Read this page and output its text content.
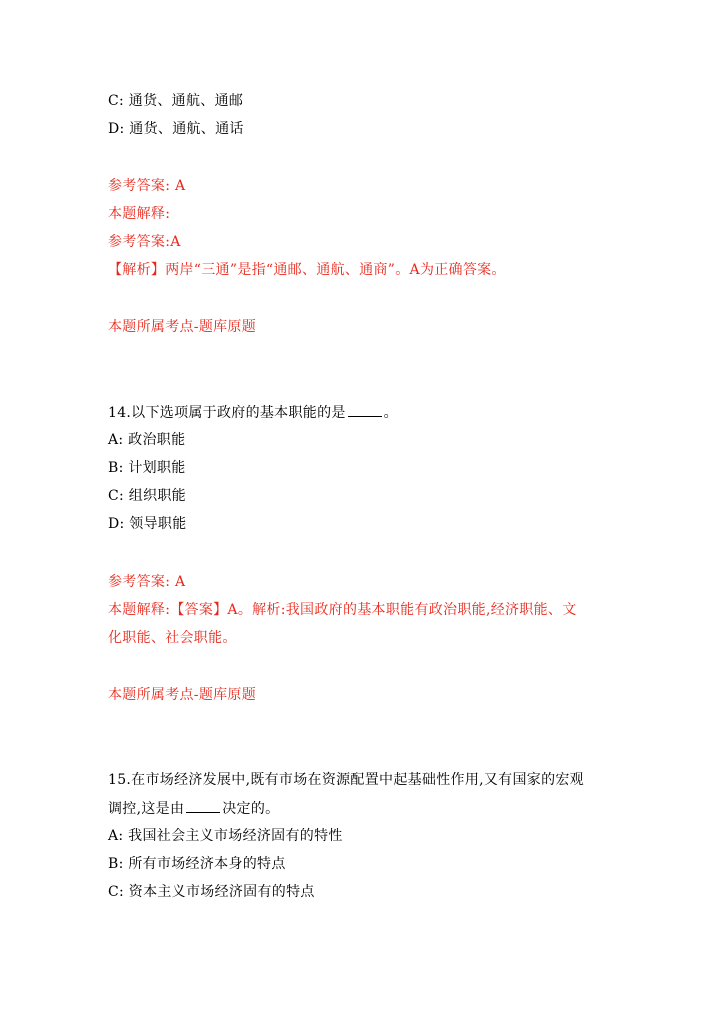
C: 通货、通航、通邮
D: 通货、通航、通话
参考答案: A
本题解释:
参考答案:A
【解析】两岸“三通”是指“通邮、通航、通商”。A为正确答案。
本题所属考点-题库原题
14.以下选项属于政府的基本职能的是	。
A: 政治职能
B: 计划职能
C: 组织职能
D: 领导职能
参考答案: A
本题解释:【答案】A。解析:我国政府的基本职能有政治职能,经济职能、文
化职能、社会职能。
本题所属考点-题库原题
15.在市场经济发展中,既有市场在资源配置中起基础性作用,又有国家的宏观
调控,这是由	决定的。
A: 我国社会主义市场经济固有的特性
B: 所有市场经济本身的特点
C: 资本主义市场经济固有的特点
